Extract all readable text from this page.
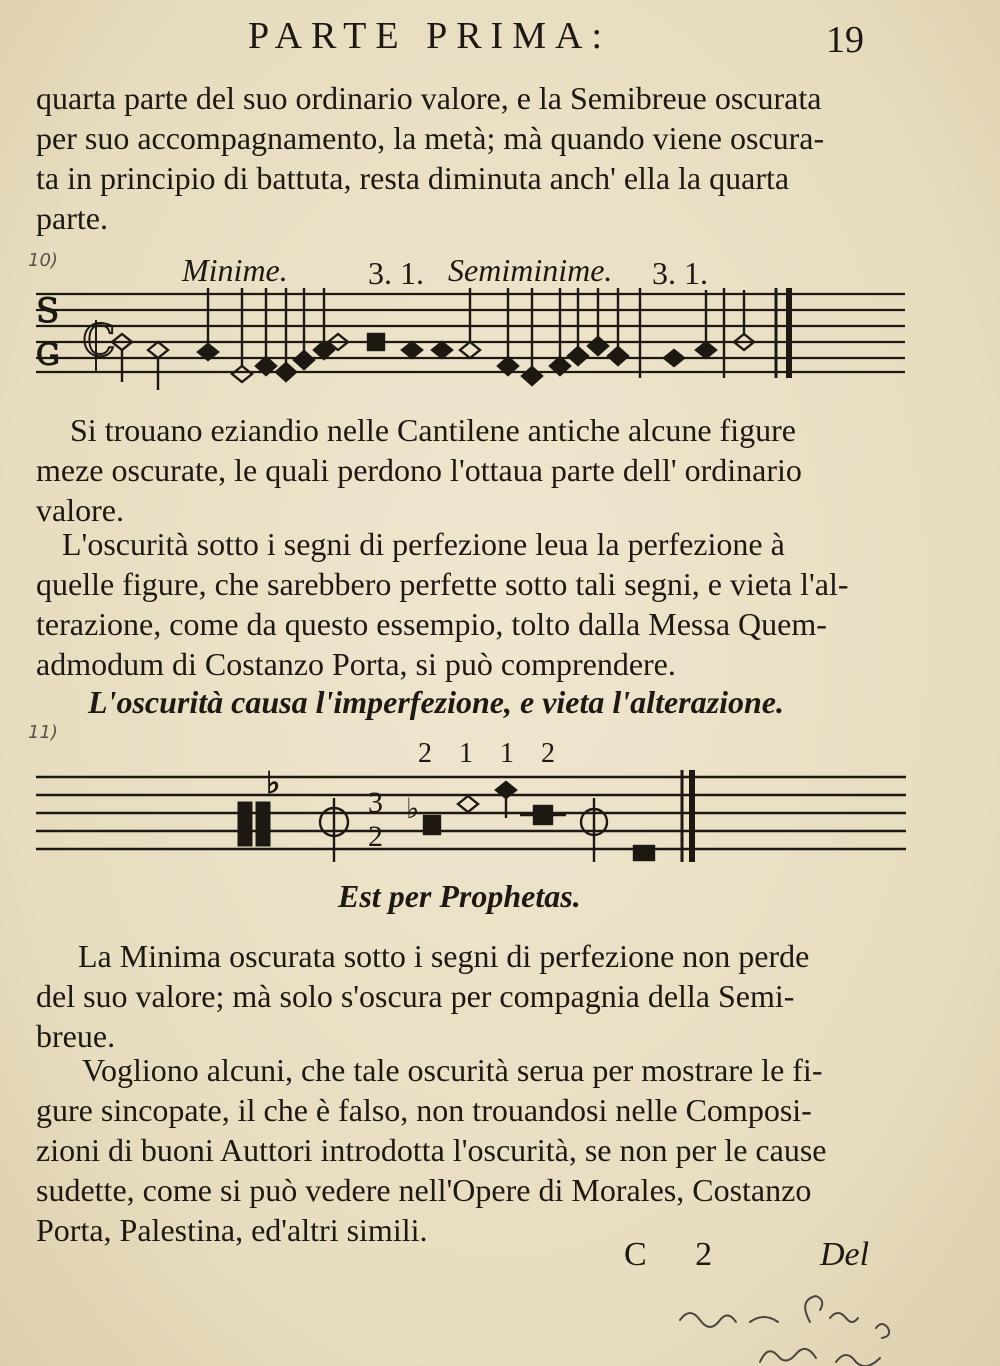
PARTE PRIMA:	19
quarta parte del suo ordinario valore, e la Semibreue oscurata
per suo accompagnamento, la metà; mà quando viene oscura-
ta in principio di battuta, resta diminuta anch' ella la quarta
parte.
10)	Minime.	3. 1. Semiminime. 3. 1.
S
G C
Si trouano eziandio nelle Cantilene antiche alcune figure
meze oscurate, le quali perdono l'ottaua parte dell' ordinario
valore.
L'oscurità sotto i segni di perfezione leua la perfezione à
quelle figure, che sarebbero perfette sotto tali segni, e vieta l'al-
terazione, come da questo essempio, tolto dalla Messa Quem-
admodum di Costanzo Porta, si può comprendere.
L'oscurità causa l'imperfezione, e vieta l'alterazione.
11)
2 1 1 2
♭
3
2
♭
Est per Prophetas.
La Minima oscurata sotto i segni di perfezione non perde
del suo valore; mà solo s'oscura per compagnia della Semi-
breue.
Vogliono alcuni, che tale oscurità serua per mostrare le fi-
gure sincopate, il che è falso, non trouandosi nelle Composi-
zioni di buoni Auttori introdotta l'oscurità, se non per le cause
sudette, come si può vedere nell'Opere di Morales, Costanzo
Porta, Palestina, ed'altri simili.
C 2	Del
